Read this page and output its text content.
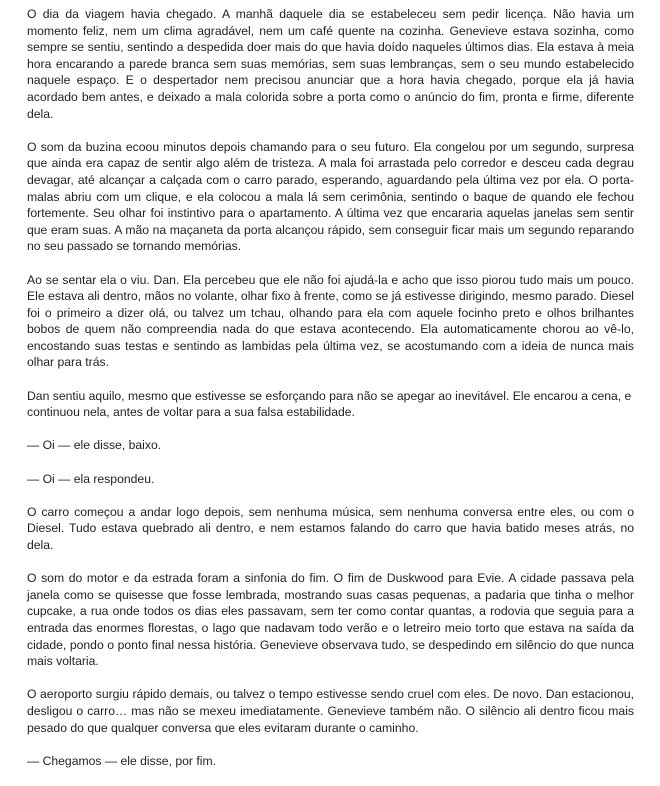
O dia da viagem havia chegado. A manhã daquele dia se estabeleceu sem pedir licença. Não havia um momento feliz, nem um clima agradável, nem um café quente na cozinha. Genevieve estava sozinha, como sempre se sentiu, sentindo a despedida doer mais do que havia doído naqueles últimos dias. Ela estava à meia hora encarando a parede branca sem suas memórias, sem suas lembranças, sem o seu mundo estabelecido naquele espaço. E o despertador nem precisou anunciar que a hora havia chegado, porque ela já havia acordado bem antes, e deixado a mala colorida sobre a porta como o anúncio do fim, pronta e firme, diferente dela.

O som da buzina ecoou minutos depois chamando para o seu futuro. Ela congelou por um segundo, surpresa que ainda era capaz de sentir algo além de tristeza. A mala foi arrastada pelo corredor e desceu cada degrau devagar, até alcançar a calçada com o carro parado, esperando, aguardando pela última vez por ela. O porta-malas abriu com um clique, e ela colocou a mala lá sem cerimônia, sentindo o baque de quando ele fechou fortemente. Seu olhar foi instintivo para o apartamento. A última vez que encararia aquelas janelas sem sentir que eram suas. A mão na maçaneta da porta alcançou rápido, sem conseguir ficar mais um segundo reparando no seu passado se tornando memórias.

Ao se sentar ela o viu. Dan. Ela percebeu que ele não foi ajudá-la e acho que isso piorou tudo mais um pouco. Ele estava ali dentro, mãos no volante, olhar fixo à frente, como se já estivesse dirigindo, mesmo parado. Diesel foi o primeiro a dizer olá, ou talvez um tchau, olhando para ela com aquele focinho preto e olhos brilhantes bobos de quem não compreendia nada do que estava acontecendo. Ela automaticamente chorou ao vê-lo, encostando suas testas e sentindo as lambidas pela última vez, se acostumando com a ideia de nunca mais olhar para trás.

Dan sentiu aquilo, mesmo que estivesse se esforçando para não se apegar ao inevitável. Ele encarou a cena, e continuou nela, antes de voltar para a sua falsa estabilidade.

— Oi — ele disse, baixo.

— Oi — ela respondeu.

O carro começou a andar logo depois, sem nenhuma música, sem nenhuma conversa entre eles, ou com o Diesel. Tudo estava quebrado ali dentro, e nem estamos falando do carro que havia batido meses atrás, no dela.

O som do motor e da estrada foram a sinfonia do fim. O fim de Duskwood para Evie. A cidade passava pela janela como se quisesse que fosse lembrada, mostrando suas casas pequenas, a padaria que tinha o melhor cupcake, a rua onde todos os dias eles passavam, sem ter como contar quantas, a rodovia que seguia para a entrada das enormes florestas, o lago que nadavam todo verão e o letreiro meio torto que estava na saída da cidade, pondo o ponto final nessa história. Genevieve observava tudo, se despedindo em silêncio do que nunca mais voltaria.

O aeroporto surgiu rápido demais, ou talvez o tempo estivesse sendo cruel com eles. De novo. Dan estacionou, desligou o carro… mas não se mexeu imediatamente. Genevieve também não. O silêncio ali dentro ficou mais pesado do que qualquer conversa que eles evitaram durante o caminho.

— Chegamos — ele disse, por fim.
